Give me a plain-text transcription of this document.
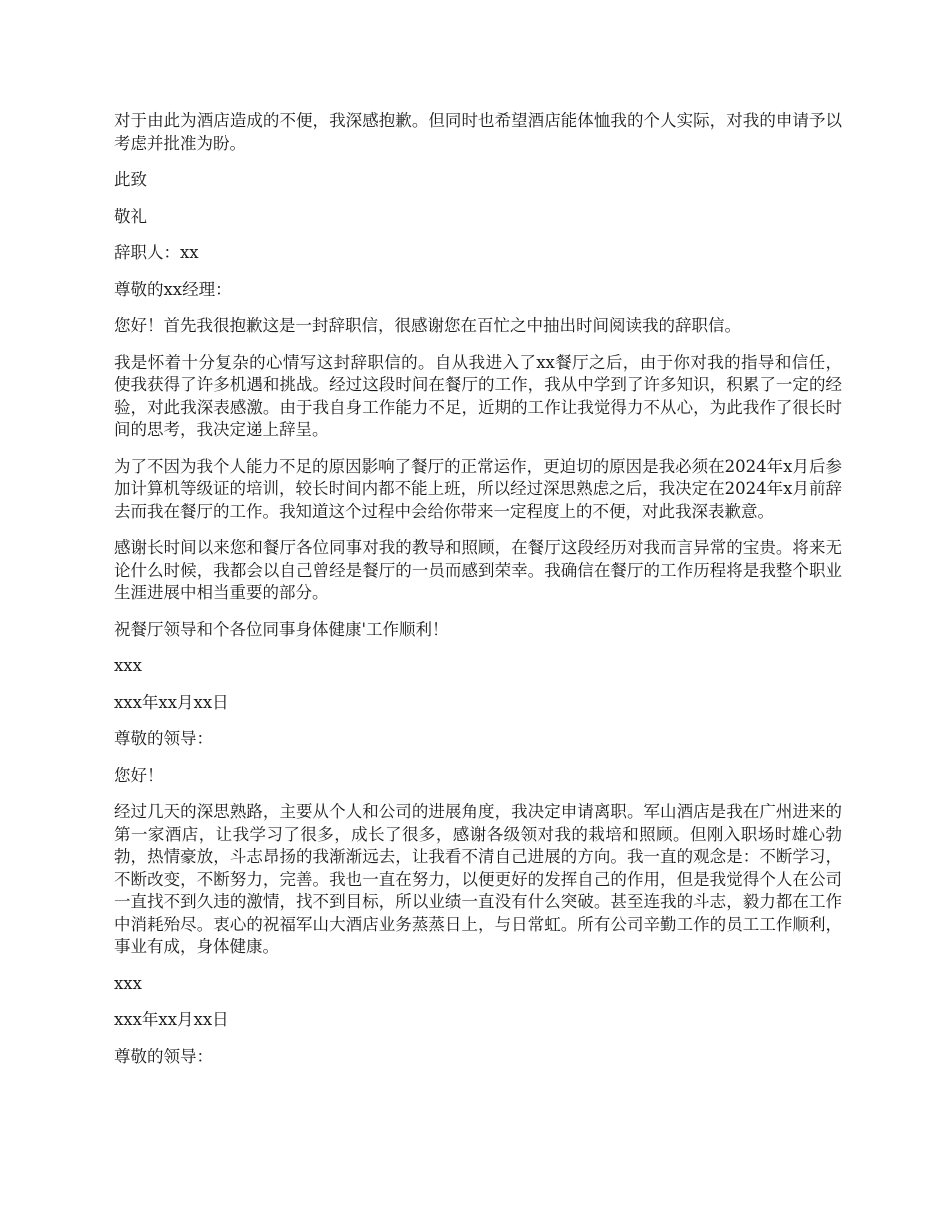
对于由此为酒店造成的不便，我深感抱歉。但同时也希望酒店能体恤我的个人实际，对我的申请予以考虑并批准为盼。

此致

敬礼

辞职人：xx

尊敬的xx经理：

您好！首先我很抱歉这是一封辞职信，很感谢您在百忙之中抽出时间阅读我的辞职信。

我是怀着十分复杂的心情写这封辞职信的。自从我进入了xx餐厅之后，由于你对我的指导和信任，使我获得了许多机遇和挑战。经过这段时间在餐厅的工作，我从中学到了许多知识，积累了一定的经验，对此我深表感激。由于我自身工作能力不足，近期的工作让我觉得力不从心，为此我作了很长时间的思考，我决定递上辞呈。

为了不因为我个人能力不足的原因影响了餐厅的正常运作，更迫切的原因是我必须在2024年x月后参加计算机等级证的培训，较长时间内都不能上班，所以经过深思熟虑之后，我决定在2024年x月前辞去而我在餐厅的工作。我知道这个过程中会给你带来一定程度上的不便，对此我深表歉意。

感谢长时间以来您和餐厅各位同事对我的教导和照顾，在餐厅这段经历对我而言异常的宝贵。将来无论什么时候，我都会以自己曾经是餐厅的一员而感到荣幸。我确信在餐厅的工作历程将是我整个职业生涯进展中相当重要的部分。

祝餐厅领导和个各位同事身体健康'工作顺利！

xxx

xxx年xx月xx日

尊敬的领导：

您好！

经过几天的深思熟路，主要从个人和公司的进展角度，我决定申请离职。军山酒店是我在广州进来的第一家酒店，让我学习了很多，成长了很多，感谢各级领对我的栽培和照顾。但刚入职场时雄心勃勃，热情豪放，斗志昂扬的我渐渐远去，让我看不清自己进展的方向。我一直的观念是：不断学习，不断改变，不断努力，完善。我也一直在努力，以便更好的发挥自己的作用，但是我觉得个人在公司一直找不到久违的激情，找不到目标，所以业绩一直没有什么突破。甚至连我的斗志，毅力都在工作中消耗殆尽。衷心的祝福军山大酒店业务蒸蒸日上，与日常虹。所有公司辛勤工作的员工工作顺利，事业有成，身体健康。

xxx

xxx年xx月xx日

尊敬的领导：
